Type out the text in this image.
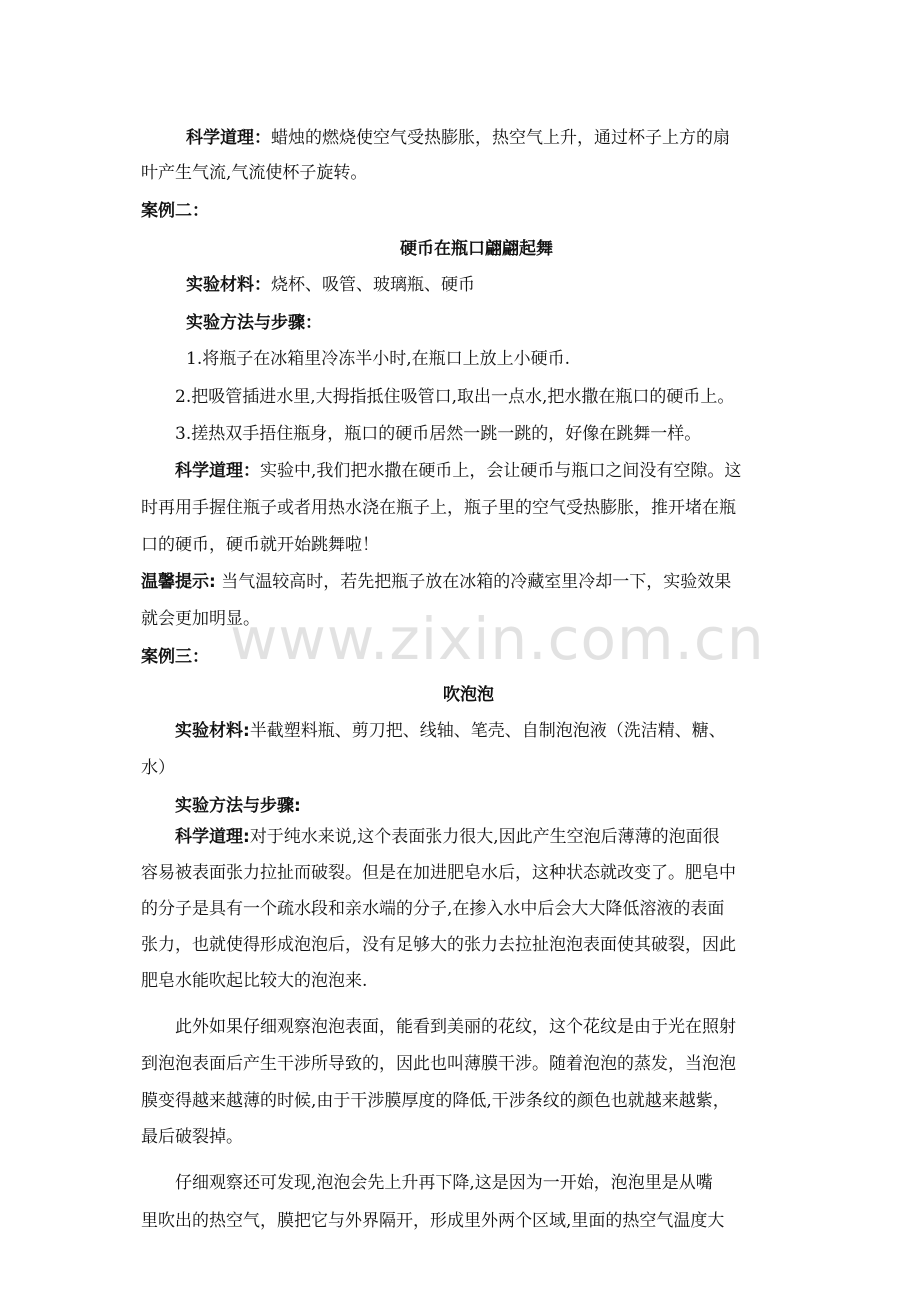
www.zixin.com.cn
科学道理：蜡烛的燃烧使空气受热膨胀，热空气上升，通过杯子上方的扇
叶产生气流,气流使杯子旋转。
案例二：
硬币在瓶口翩翩起舞
实验材料：烧杯、吸管、玻璃瓶、硬币
实验方法与步骤：
1.将瓶子在冰箱里冷冻半小时,在瓶口上放上小硬币.
2.把吸管插进水里,大拇指抵住吸管口,取出一点水,把水撒在瓶口的硬币上。
3.搓热双手捂住瓶身，瓶口的硬币居然一跳一跳的，好像在跳舞一样。
科学道理：实验中,我们把水撒在硬币上，会让硬币与瓶口之间没有空隙。这
时再用手握住瓶子或者用热水浇在瓶子上，瓶子里的空气受热膨胀，推开堵在瓶
口的硬币，硬币就开始跳舞啦！
温馨提示: 当气温较高时，若先把瓶子放在冰箱的冷藏室里冷却一下，实验效果
就会更加明显。
案例三：
吹泡泡
实验材料:半截塑料瓶、剪刀把、线轴、笔壳、自制泡泡液（洗洁精、糖、
水）
实验方法与步骤:
科学道理:对于纯水来说,这个表面张力很大,因此产生空泡后薄薄的泡面很
容易被表面张力拉扯而破裂。但是在加进肥皂水后，这种状态就改变了。肥皂中
的分子是具有一个疏水段和亲水端的分子,在掺入水中后会大大降低溶液的表面
张力，也就使得形成泡泡后，没有足够大的张力去拉扯泡泡表面使其破裂，因此
肥皂水能吹起比较大的泡泡来.
此外如果仔细观察泡泡表面，能看到美丽的花纹，这个花纹是由于光在照射
到泡泡表面后产生干涉所导致的，因此也叫薄膜干涉。随着泡泡的蒸发，当泡泡
膜变得越来越薄的时候,由于干涉膜厚度的降低,干涉条纹的颜色也就越来越紫，
最后破裂掉。
仔细观察还可发现,泡泡会先上升再下降,这是因为一开始，泡泡里是从嘴
里吹出的热空气，膜把它与外界隔开，形成里外两个区域,里面的热空气温度大
